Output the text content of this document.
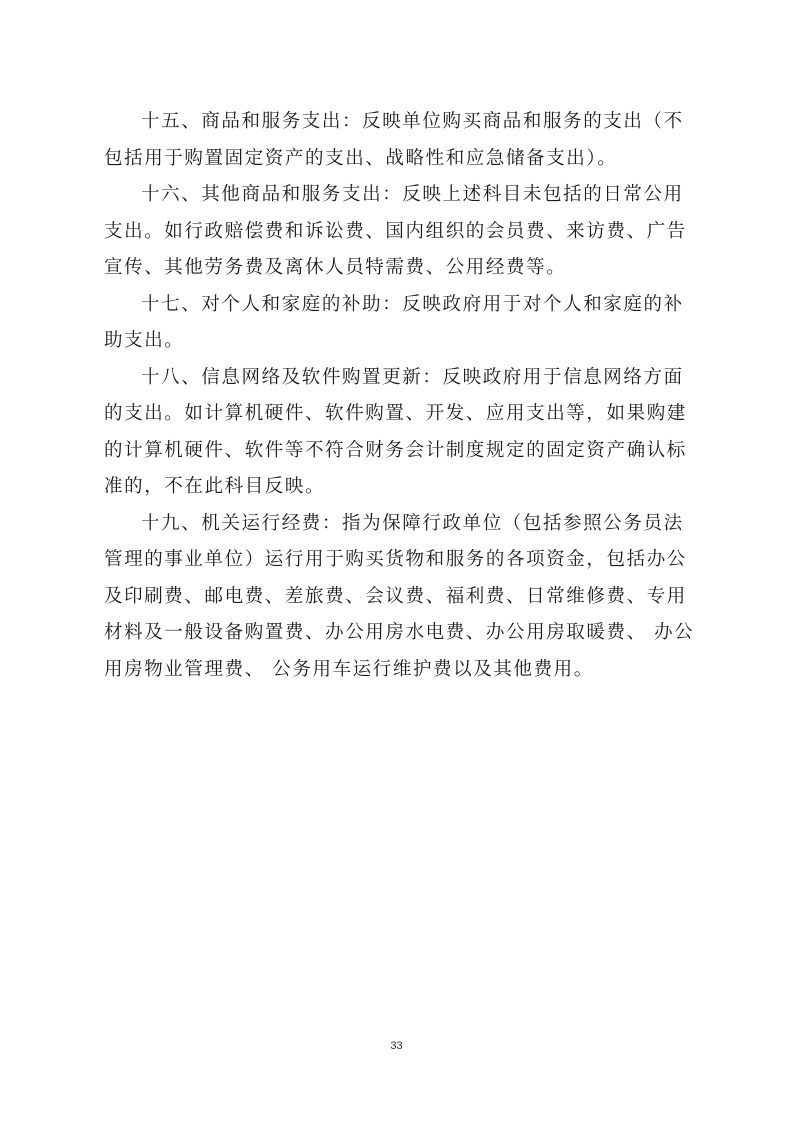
十五、商品和服务支出：反映单位购买商品和服务的支出（不
包括用于购置固定资产的支出、战略性和应急储备支出）。
十六、其他商品和服务支出：反映上述科目未包括的日常公用
支出。如行政赔偿费和诉讼费、国内组织的会员费、来访费、广告
宣传、其他劳务费及离休人员特需费、公用经费等。
十七、对个人和家庭的补助：反映政府用于对个人和家庭的补
助支出。
十八、信息网络及软件购置更新：反映政府用于信息网络方面
的支出。如计算机硬件、软件购置、开发、应用支出等，如果购建
的计算机硬件、软件等不符合财务会计制度规定的固定资产确认标
准的，不在此科目反映。
十九、机关运行经费：指为保障行政单位（包括参照公务员法
管理的事业单位）运行用于购买货物和服务的各项资金，包括办公
及印刷费、邮电费、差旅费、会议费、福利费、日常维修费、专用
材料及一般设备购置费、办公用房水电费、办公用房取暖费、 办公
用房物业管理费、 公务用车运行维护费以及其他费用。
33
